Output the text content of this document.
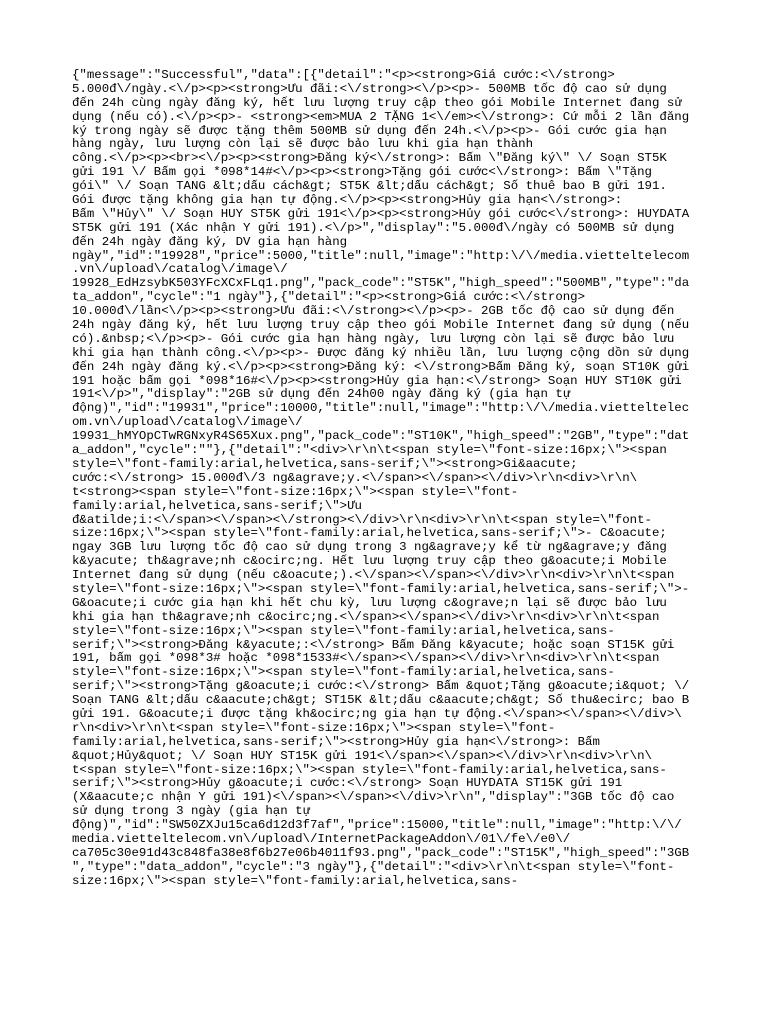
{"message":"Successful","data":[{"detail":"<p><strong>Giá cước:<\/strong>
5.000đ\/ngày.<\/p><p><strong>Ưu đãi:<\/strong><\/p><p>- 500MB tốc độ cao sử dụng
đến 24h cùng ngày đăng ký, hết lưu lượng truy cập theo gói Mobile Internet đang sử
dụng (nếu có).<\/p><p>- <strong><em>MUA 2 TẶNG 1<\/em><\/strong>: Cứ mỗi 2 lần đăng
ký trong ngày sẽ được tặng thêm 500MB sử dụng đến 24h.<\/p><p>- Gói cước gia hạn
hàng ngày, lưu lượng còn lại sẽ được bảo lưu khi gia hạn thành
công.<\/p><p><br><\/p><p><strong>Đăng ký<\/strong>: Bấm \"Đăng ký\" \/ Soạn ST5K
gửi 191 \/ Bấm gọi *098*14#<\/p><p><strong>Tặng gói cước<\/strong>: Bấm \"Tặng
gói\" \/ Soạn TANG &lt;dấu cách&gt; ST5K &lt;dấu cách&gt; Số thuê bao B gửi 191.
Gói được tặng không gia hạn tự động.<\/p><p><strong>Hủy gia hạn<\/strong>:
Bấm \"Hủy\" \/ Soạn HUY ST5K gửi 191<\/p><p><strong>Hủy gói cước<\/strong>: HUYDATA
ST5K gửi 191 (Xác nhận Y gửi 191).<\/p>","display":"5.000đ\/ngày có 500MB sử dụng
đến 24h ngày đăng ký, DV gia hạn hàng
ngày","id":"19928","price":5000,"title":null,"image":"http:\/\/media.vietteltelecom
.vn\/upload\/catalog\/image\/
19928_EdHzsybK503YFcXCxFLq1.png","pack_code":"ST5K","high_speed":"500MB","type":"da
ta_addon","cycle":"1 ngày"},{"detail":"<p><strong>Giá cước:<\/strong>
10.000đ\/lần<\/p><p><strong>Ưu đãi:<\/strong><\/p><p>- 2GB tốc độ cao sử dụng đến
24h ngày đăng ký, hết lưu lượng truy cập theo gói Mobile Internet đang sử dụng (nếu
có).&nbsp;<\/p><p>- Gói cước gia hạn hàng ngày, lưu lượng còn lại sẽ được bảo lưu
khi gia hạn thành công.<\/p><p>- Được đăng ký nhiều lần, lưu lượng cộng dồn sử dụng
đến 24h ngày đăng ký.<\/p><p><strong>Đăng ký: <\/strong>Bấm Đăng ký, soạn ST10K gửi
191 hoặc bấm gọi *098*16#<\/p><p><strong>Hủy gia hạn:<\/strong> Soạn HUY ST10K gửi
191<\/p>","display":"2GB sử dụng đến 24h00 ngày đăng ký (gia hạn tự
động)","id":"19931","price":10000,"title":null,"image":"http:\/\/media.vietteltelec
om.vn\/upload\/catalog\/image\/
19931_hMYOpCTwRGNxyR4S65Xux.png","pack_code":"ST10K","high_speed":"2GB","type":"dat
a_addon","cycle":""},{"detail":"<div>\r\n\t<span style=\"font-size:16px;\"><span
style=\"font-family:arial,helvetica,sans-serif;\"><strong>Gi&aacute;
cước:<\/strong> 15.000đ\/3 ng&agrave;y.<\/span><\/span><\/div>\r\n<div>\r\n\
t<strong><span style=\"font-size:16px;\"><span style=\"font-
family:arial,helvetica,sans-serif;\">Ưu
đ&atilde;i:<\/span><\/span><\/strong><\/div>\r\n<div>\r\n\t<span style=\"font-
size:16px;\"><span style=\"font-family:arial,helvetica,sans-serif;\">- C&oacute;
ngay 3GB lưu lượng tốc độ cao sử dụng trong 3 ng&agrave;y kể từ ng&agrave;y đăng
k&yacute; th&agrave;nh c&ocirc;ng. Hết lưu lượng truy cập theo g&oacute;i Mobile
Internet đang sử dụng (nếu c&oacute;).<\/span><\/span><\/div>\r\n<div>\r\n\t<span
style=\"font-size:16px;\"><span style=\"font-family:arial,helvetica,sans-serif;\">-
G&oacute;i cước gia hạn khi hết chu kỳ, lưu lượng c&ograve;n lại sẽ được bảo lưu
khi gia hạn th&agrave;nh c&ocirc;ng.<\/span><\/span><\/div>\r\n<div>\r\n\t<span
style=\"font-size:16px;\"><span style=\"font-family:arial,helvetica,sans-
serif;\"><strong>Đăng k&yacute;:<\/strong> Bấm Đăng k&yacute; hoặc soạn ST15K gửi
191, bấm gọi *098*3# hoặc *098*1533#<\/span><\/span><\/div>\r\n<div>\r\n\t<span
style=\"font-size:16px;\"><span style=\"font-family:arial,helvetica,sans-
serif;\"><strong>Tặng g&oacute;i cước:<\/strong> Bấm &quot;Tặng g&oacute;i&quot; \/
Soạn TANG &lt;dấu c&aacute;ch&gt; ST15K &lt;dấu c&aacute;ch&gt; Số thu&ecirc; bao B
gửi 191. G&oacute;i được tặng kh&ocirc;ng gia hạn tự động.<\/span><\/span><\/div>\
r\n<div>\r\n\t<span style=\"font-size:16px;\"><span style=\"font-
family:arial,helvetica,sans-serif;\"><strong>Hủy gia hạn<\/strong>: Bấm
&quot;Hủy&quot; \/ Soạn HUY ST15K gửi 191<\/span><\/span><\/div>\r\n<div>\r\n\
t<span style=\"font-size:16px;\"><span style=\"font-family:arial,helvetica,sans-
serif;\"><strong>Hủy g&oacute;i cước:<\/strong> Soạn HUYDATA ST15K gửi 191
(X&aacute;c nhận Y gửi 191)<\/span><\/span><\/div>\r\n","display":"3GB tốc độ cao
sử dụng trong 3 ngày (gia hạn tự
động)","id":"SW50ZXJu15ca6d12d3f7af","price":15000,"title":null,"image":"http:\/\/
media.vietteltelecom.vn\/upload\/InternetPackageAddon\/01\/fe\/e0\/
ca705c30e91d43c848fa38e8f6b27e06b4011f93.png","pack_code":"ST15K","high_speed":"3GB
","type":"data_addon","cycle":"3 ngày"},{"detail":"<div>\r\n\t<span style=\"font-
size:16px;\"><span style=\"font-family:arial,helvetica,sans-
